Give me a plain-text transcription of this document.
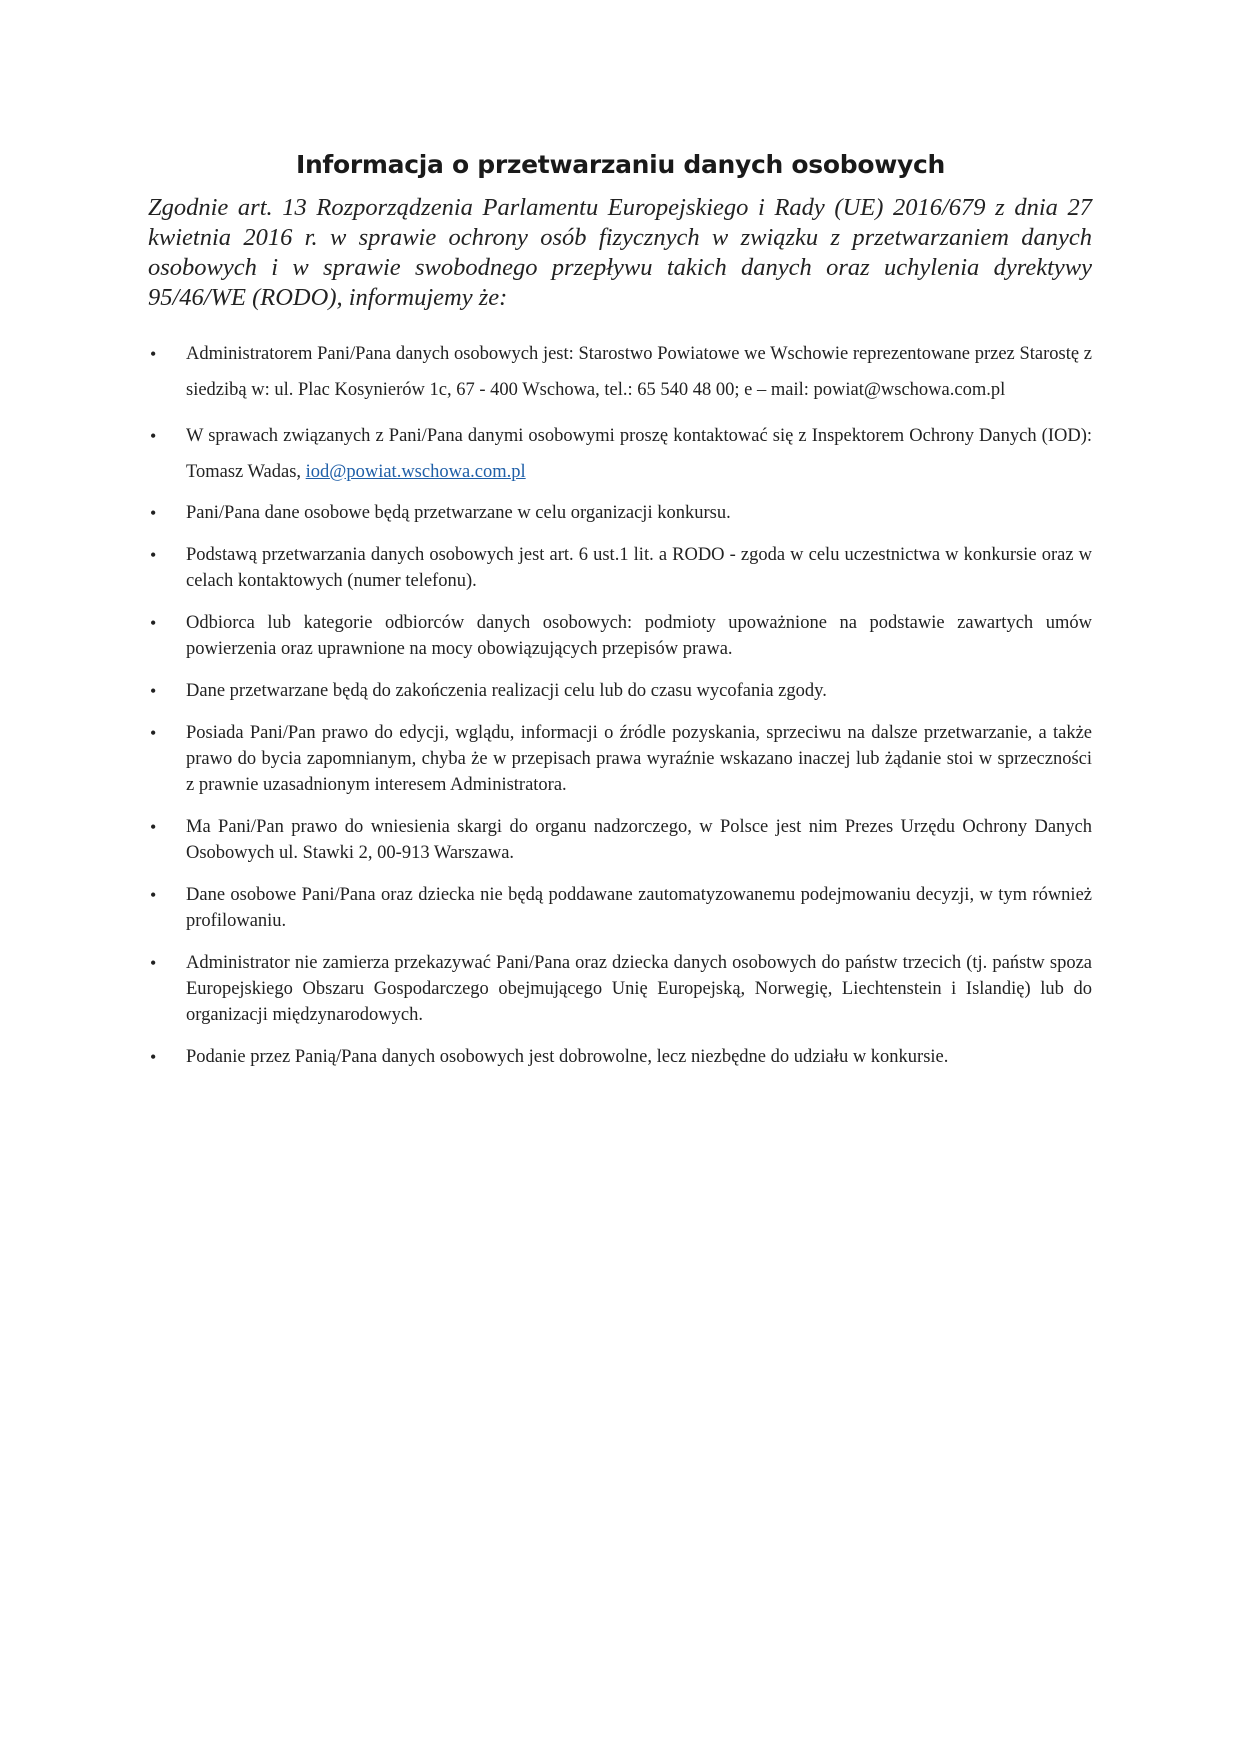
Informacja o przetwarzaniu danych osobowych
Zgodnie art. 13 Rozporządzenia Parlamentu Europejskiego i Rady (UE) 2016/679 z dnia 27 kwietnia 2016 r. w sprawie ochrony osób fizycznych w związku z przetwarzaniem danych osobowych i w sprawie swobodnego przepływu takich danych oraz uchylenia dyrektywy 95/46/WE (RODO), informujemy że:
• Administratorem Pani/Pana danych osobowych jest: Starostwo Powiatowe we Wschowie reprezentowane przez Starostę z siedzibą w: ul. Plac Kosynierów 1c, 67 - 400 Wschowa, tel.: 65 540 48 00; e – mail: powiat@wschowa.com.pl
• W sprawach związanych z Pani/Pana danymi osobowymi proszę kontaktować się z Inspektorem Ochrony Danych (IOD): Tomasz Wadas, iod@powiat.wschowa.com.pl
• Pani/Pana dane osobowe będą przetwarzane w celu organizacji konkursu.
• Podstawą przetwarzania danych osobowych jest art. 6 ust.1 lit. a RODO - zgoda w celu uczestnictwa w konkursie oraz w celach kontaktowych (numer telefonu).
• Odbiorca lub kategorie odbiorców danych osobowych: podmioty upoważnione na podstawie zawartych umów powierzenia oraz uprawnione na mocy obowiązujących przepisów prawa.
• Dane przetwarzane będą do zakończenia realizacji celu lub do czasu wycofania zgody.
• Posiada Pani/Pan prawo do edycji, wglądu, informacji o źródle pozyskania, sprzeciwu na dalsze przetwarzanie, a także prawo do bycia zapomnianym, chyba że w przepisach prawa wyraźnie wskazano inaczej lub żądanie stoi w sprzeczności z prawnie uzasadnionym interesem Administratora.
• Ma Pani/Pan prawo do wniesienia skargi do organu nadzorczego, w Polsce jest nim Prezes Urzędu Ochrony Danych Osobowych ul. Stawki 2, 00-913 Warszawa.
• Dane osobowe Pani/Pana oraz dziecka nie będą poddawane zautomatyzowanemu podejmowaniu decyzji, w tym również profilowaniu.
• Administrator nie zamierza przekazywać Pani/Pana oraz dziecka danych osobowych do państw trzecich (tj. państw spoza Europejskiego Obszaru Gospodarczego obejmującego Unię Europejską, Norwegię, Liechtenstein i Islandię) lub do organizacji międzynarodowych.
• Podanie przez Panią/Pana danych osobowych jest dobrowolne, lecz niezbędne do udziału w konkursie.
